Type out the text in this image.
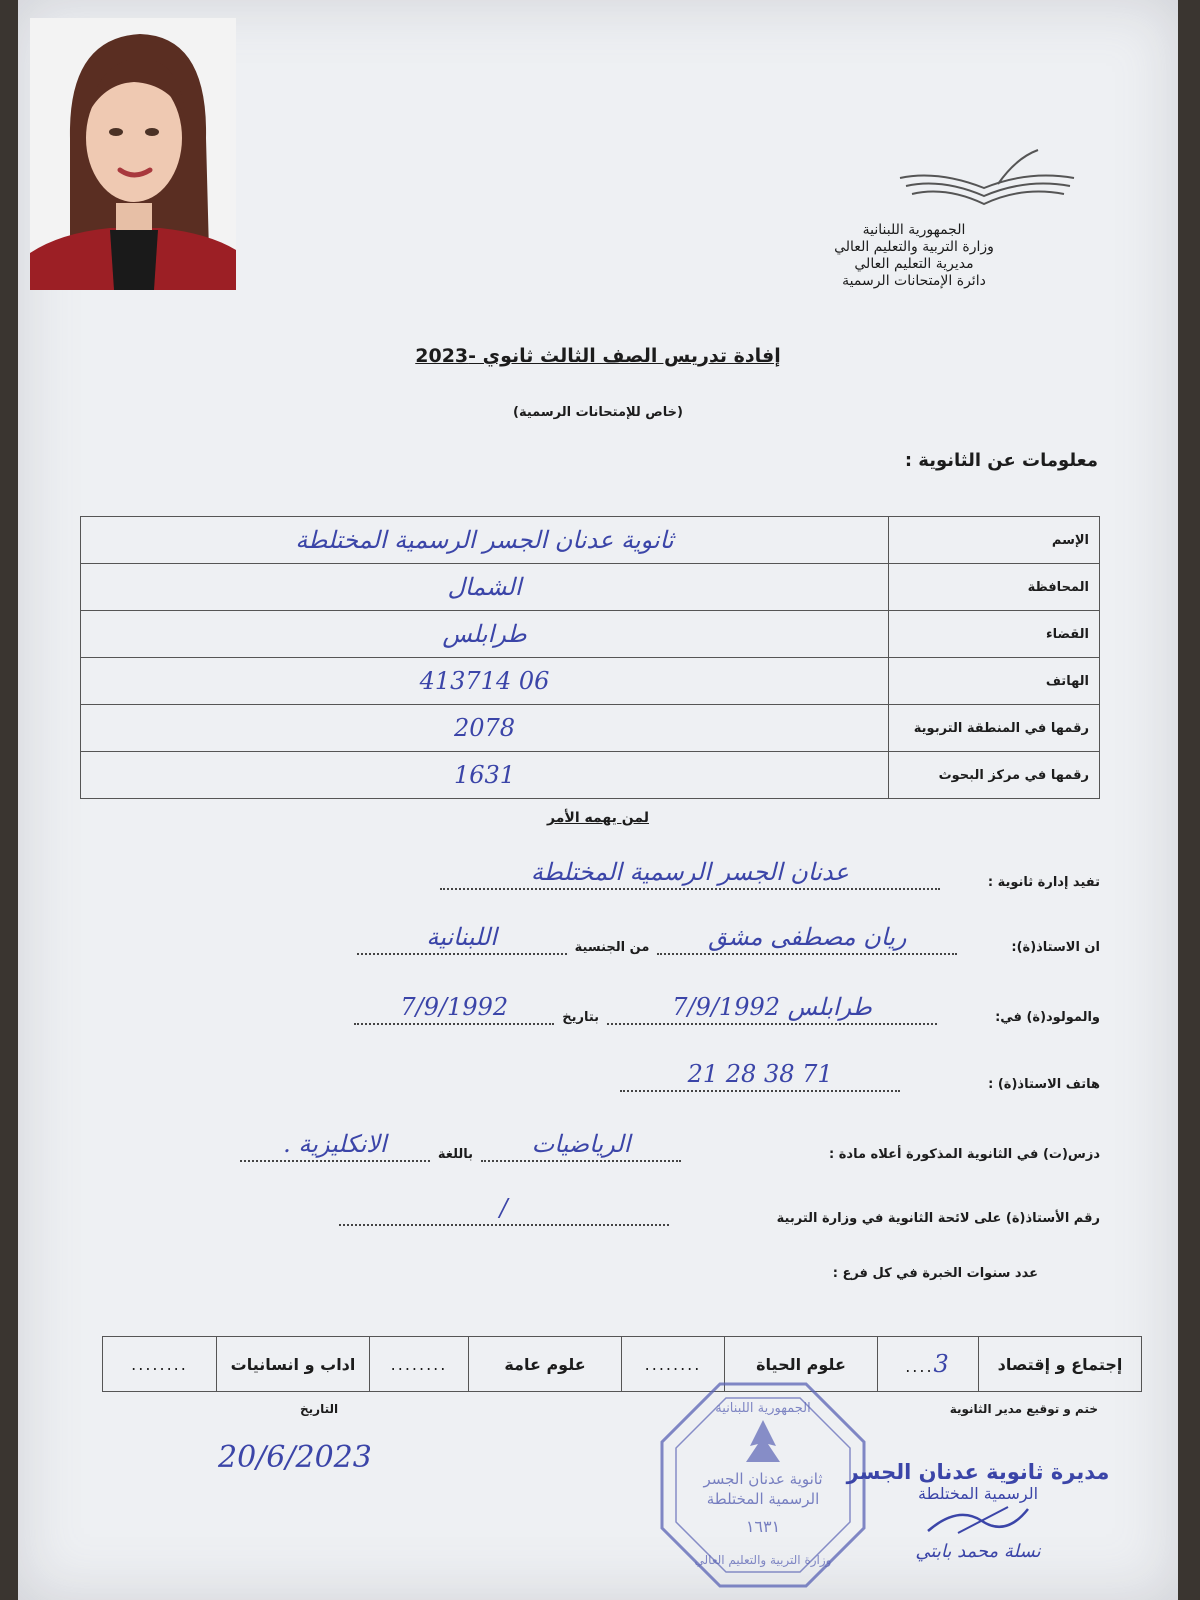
الجمهورية اللبنانية
وزارة التربية والتعليم العالي
مديرية التعليم العالي
دائرة الإمتحانات الرسمية
إفادة تدريس الصف الثالث ثانوي -2023
(خاص للإمتحانات الرسمية)
معلومات عن الثانوية :
الإسم	ثانوية عدنان الجسر الرسمية المختلطة
المحافظة	الشمال
القضاء	طرابلس
الهاتف	06 413714
رقمها في المنطقة التربوية	2078
رقمها في مركز البحوث	1631
لمن يهمه الأمر
تفيد إدارة ثانوية :
عدنان الجسر الرسمية المختلطة
ان الاستاذ(ة):
ريان مصطفى مشق
من الجنسية
اللبنانية
والمولود(ة) في:
طرابلس 7/9/1992
بتاريخ
7/9/1992
هاتف الاستاذ(ة) :
71 38 28 21
دزس(ت) في الثانوية المذكورة أعلاه مادة :
الرياضيات
باللغة
الانكليزية .
رقم الأستاذ(ة) على لائحة الثانوية في وزارة التربية
/
عدد سنوات الخبرة في كل فرع :
إجتماع و إقتصاد	3....	علوم الحياة	........	علوم عامة	........	اداب و انسانيات	........
ختم و توقيع مدير الثانوية
التاريخ
20/6/2023
الجمهورية اللبنانية
ثانوية عدنان الجسر
الرسمية المختلطة
١٦٣١
وزارة التربية والتعليم العالي
مديرة ثانوية عدنان الجسر
الرسمية المختلطة
نسلة محمد بابتي
